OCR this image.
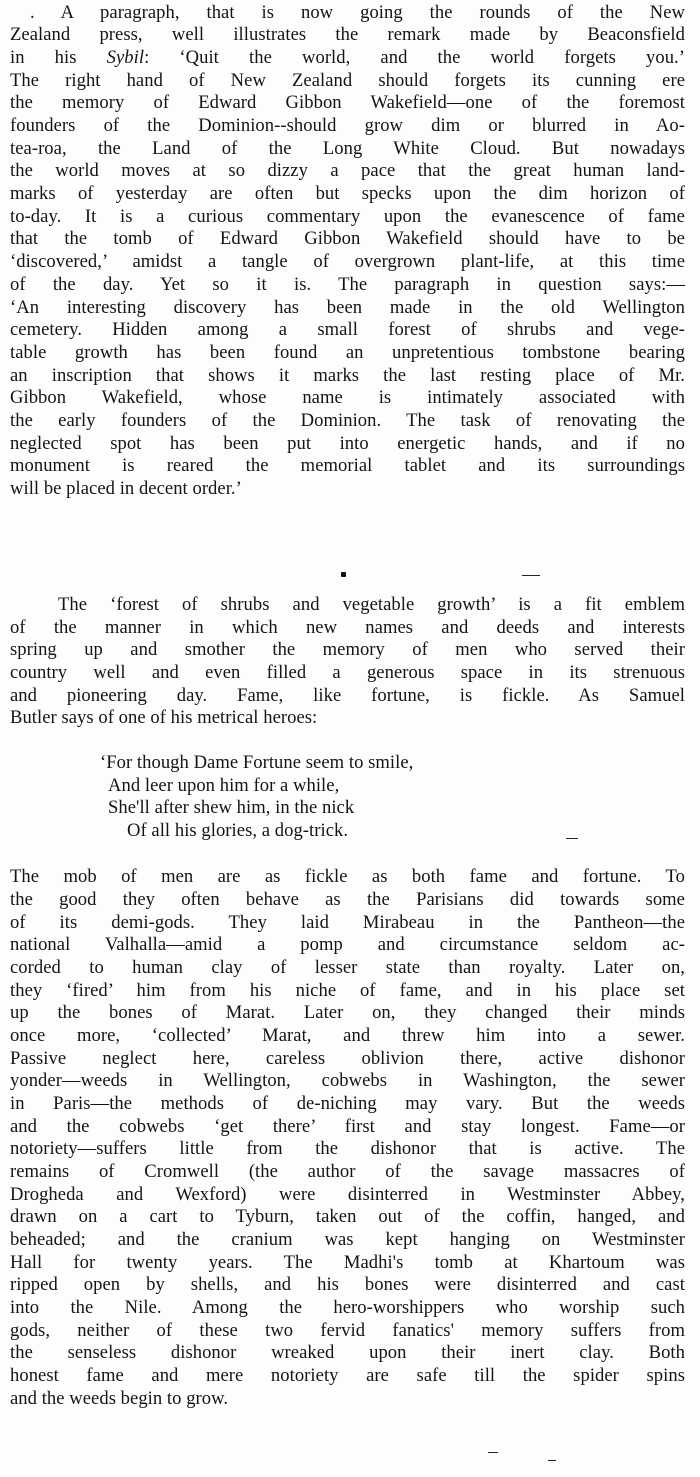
. A paragraph, that is now going the rounds of the New
Zealand press, well illustrates the remark made by Beaconsfield
in his Sybil: ‘Quit the world, and the world forgets you.’
The right hand of New Zealand should forgets its cunning ere
the memory of Edward Gibbon Wakefield—one of the foremost
founders of the Dominion--should grow dim or blurred in Ao-
tea-roa, the Land of the Long White Cloud. But nowadays
the world moves at so dizzy a pace that the great human land-
marks of yesterday are often but specks upon the dim horizon of
to-day. It is a curious commentary upon the evanescence of fame
that the tomb of Edward Gibbon Wakefield should have to be
‘discovered,’ amidst a tangle of overgrown plant-life, at this time
of the day. Yet so it is. The paragraph in question says:—
‘An interesting discovery has been made in the old Wellington
cemetery. Hidden among a small forest of shrubs and vege-
table growth has been found an unpretentious tombstone bearing
an inscription that shows it marks the last resting place of Mr.
Gibbon Wakefield, whose name is intimately associated with
the early founders of the Dominion. The task of renovating the
neglected spot has been put into energetic hands, and if no
monument is reared the memorial tablet and its surroundings
will be placed in decent order.’
The ‘forest of shrubs and vegetable growth’ is a fit emblem
of the manner in which new names and deeds and interests
spring up and smother the memory of men who served their
country well and even filled a generous space in its strenuous
and pioneering day. Fame, like fortune, is fickle. As Samuel
Butler says of one of his metrical heroes:
‘For though Dame Fortune seem to smile,
And leer upon him for a while,
She'll after shew him, in the nick
Of all his glories, a dog-trick.
The mob of men are as fickle as both fame and fortune. To
the good they often behave as the Parisians did towards some
of its demi-gods. They laid Mirabeau in the Pantheon—the
national Valhalla—amid a pomp and circumstance seldom ac-
corded to human clay of lesser state than royalty. Later on,
they ‘fired’ him from his niche of fame, and in his place set
up the bones of Marat. Later on, they changed their minds
once more, ‘collected’ Marat, and threw him into a sewer.
Passive neglect here, careless oblivion there, active dishonor
yonder—weeds in Wellington, cobwebs in Washington, the sewer
in Paris—the methods of de-niching may vary. But the weeds
and the cobwebs ‘get there’ first and stay longest. Fame—or
notoriety—suffers little from the dishonor that is active. The
remains of Cromwell (the author of the savage massacres of
Drogheda and Wexford) were disinterred in Westminster Abbey,
drawn on a cart to Tyburn, taken out of the coffin, hanged, and
beheaded; and the cranium was kept hanging on Westminster
Hall for twenty years. The Madhi's tomb at Khartoum was
ripped open by shells, and his bones were disinterred and cast
into the Nile. Among the hero-worshippers who worship such
gods, neither of these two fervid fanatics' memory suffers from
the senseless dishonor wreaked upon their inert clay. Both
honest fame and mere notoriety are safe till the spider spins
and the weeds begin to grow.
